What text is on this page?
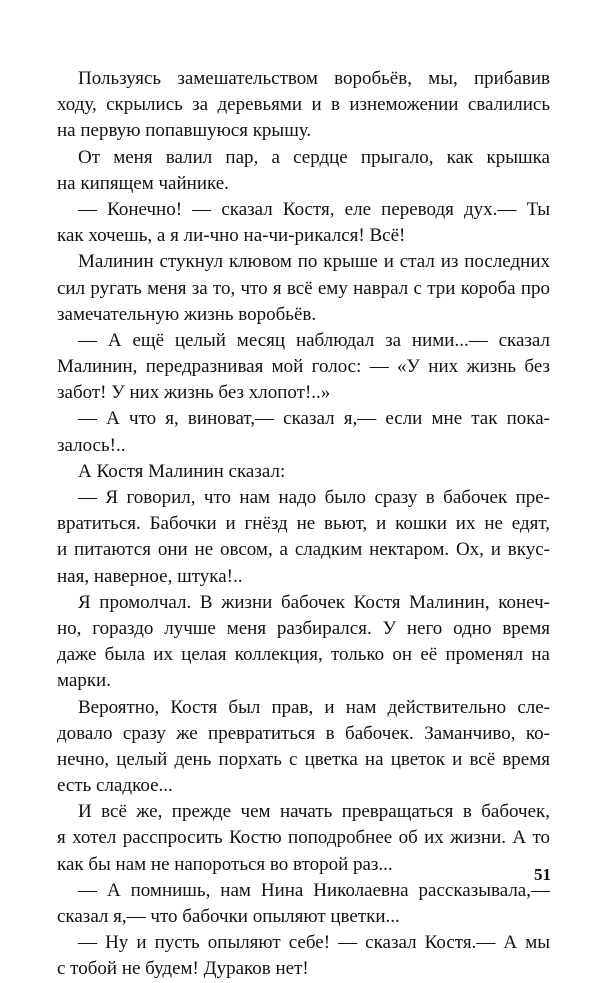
Пользуясь замешательством воробьёв, мы, прибавив
ходу, скрылись за деревьями и в изнеможении свалились
на первую попавшуюся крышу.
От меня валил пар, а сердце прыгало, как крышка
на кипящем чайнике.
— Конечно! — сказал Костя, еле переводя дух.— Ты
как хочешь, а я ли-чно на-чи-рикался! Всё!
Малинин стукнул клювом по крыше и стал из последних
сил ругать меня за то, что я всё ему наврал с три короба про
замечательную жизнь воробьёв.
— А ещё целый месяц наблюдал за ними...— сказал
Малинин, передразнивая мой голос: — «У них жизнь без
забот! У них жизнь без хлопот!..»
— А что я, виноват,— сказал я,— если мне так пока-
залось!..
А Костя Малинин сказал:
— Я говорил, что нам надо было сразу в бабочек пре-
вратиться. Бабочки и гнёзд не вьют, и кошки их не едят,
и питаются они не овсом, а сладким нектаром. Ох, и вкус-
ная, наверное, штука!..
Я промолчал. В жизни бабочек Костя Малинин, конеч-
но, гораздо лучше меня разбирался. У него одно время
даже была их целая коллекция, только он её променял на
марки.
Вероятно, Костя был прав, и нам действительно сле-
довало сразу же превратиться в бабочек. Заманчиво, ко-
нечно, целый день порхать с цветка на цветок и всё время
есть сладкое...
И всё же, прежде чем начать превращаться в бабочек,
я хотел расспросить Костю поподробнее об их жизни. А то
как бы нам не напороться во второй раз...
— А помнишь, нам Нина Николаевна рассказывала,—
сказал я,— что бабочки опыляют цветки...
— Ну и пусть опыляют себе! — сказал Костя.— А мы
с тобой не будем! Дураков нет!
51
